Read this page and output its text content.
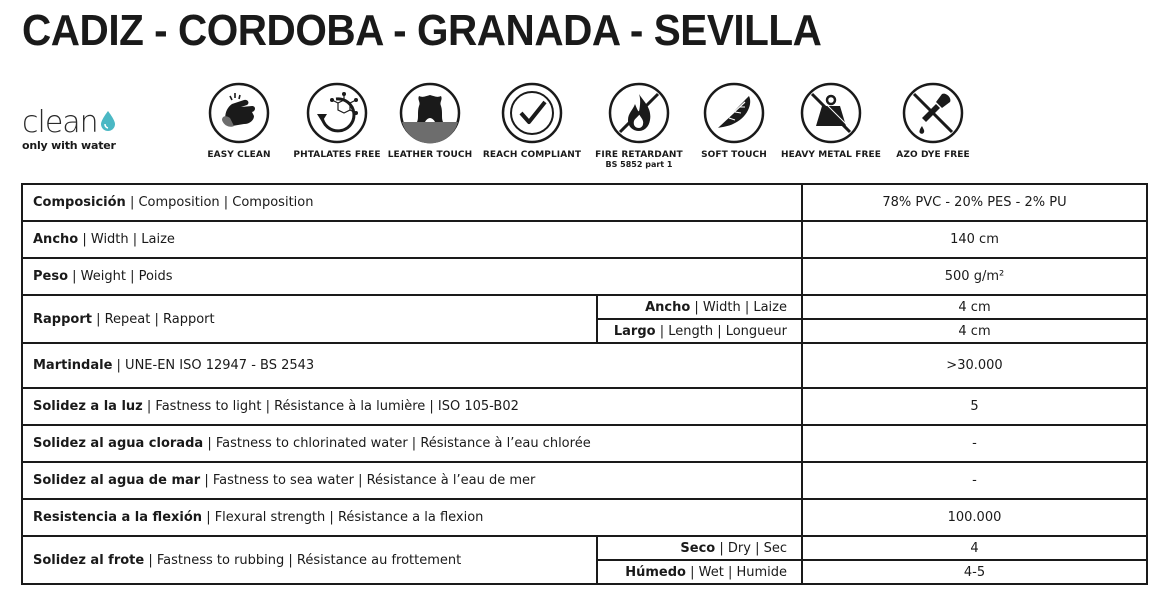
CADIZ - CORDOBA - GRANADA - SEVILLA
clean
only with water
EASY CLEAN	PHTALATES FREE LEATHER TOUCH	REACH COMPLIANT	FIRE RETARDANT
BS 5852 part 1
SOFT TOUCH	HEAVY METAL FREE	AZO DYE FREE
Composición | Composition | Composition		78% PVC - 20% PES - 2% PU
Ancho | Width | Laize		140 cm
Peso | Weight | Poids		500 g/m²
Rapport | Repeat | Rapport	Ancho | Width | Laize	4 cm
	Largo | Length | Longueur	4 cm
Martindale | UNE-EN ISO 12947 - BS 2543		>30.000
Solidez a la luz | Fastness to light | Résistance à la lumière | ISO 105-B02		5
Solidez al agua clorada | Fastness to chlorinated water | Résistance à l’eau chlorée		-
Solidez al agua de mar | Fastness to sea water | Résistance à l’eau de mer		-
Resistencia a la flexión | Flexural strength | Résistance a la flexion		100.000
Solidez al frote | Fastness to rubbing | Résistance au frottement	Seco | Dry | Sec	4
	Húmedo | Wet | Humide	4-5
